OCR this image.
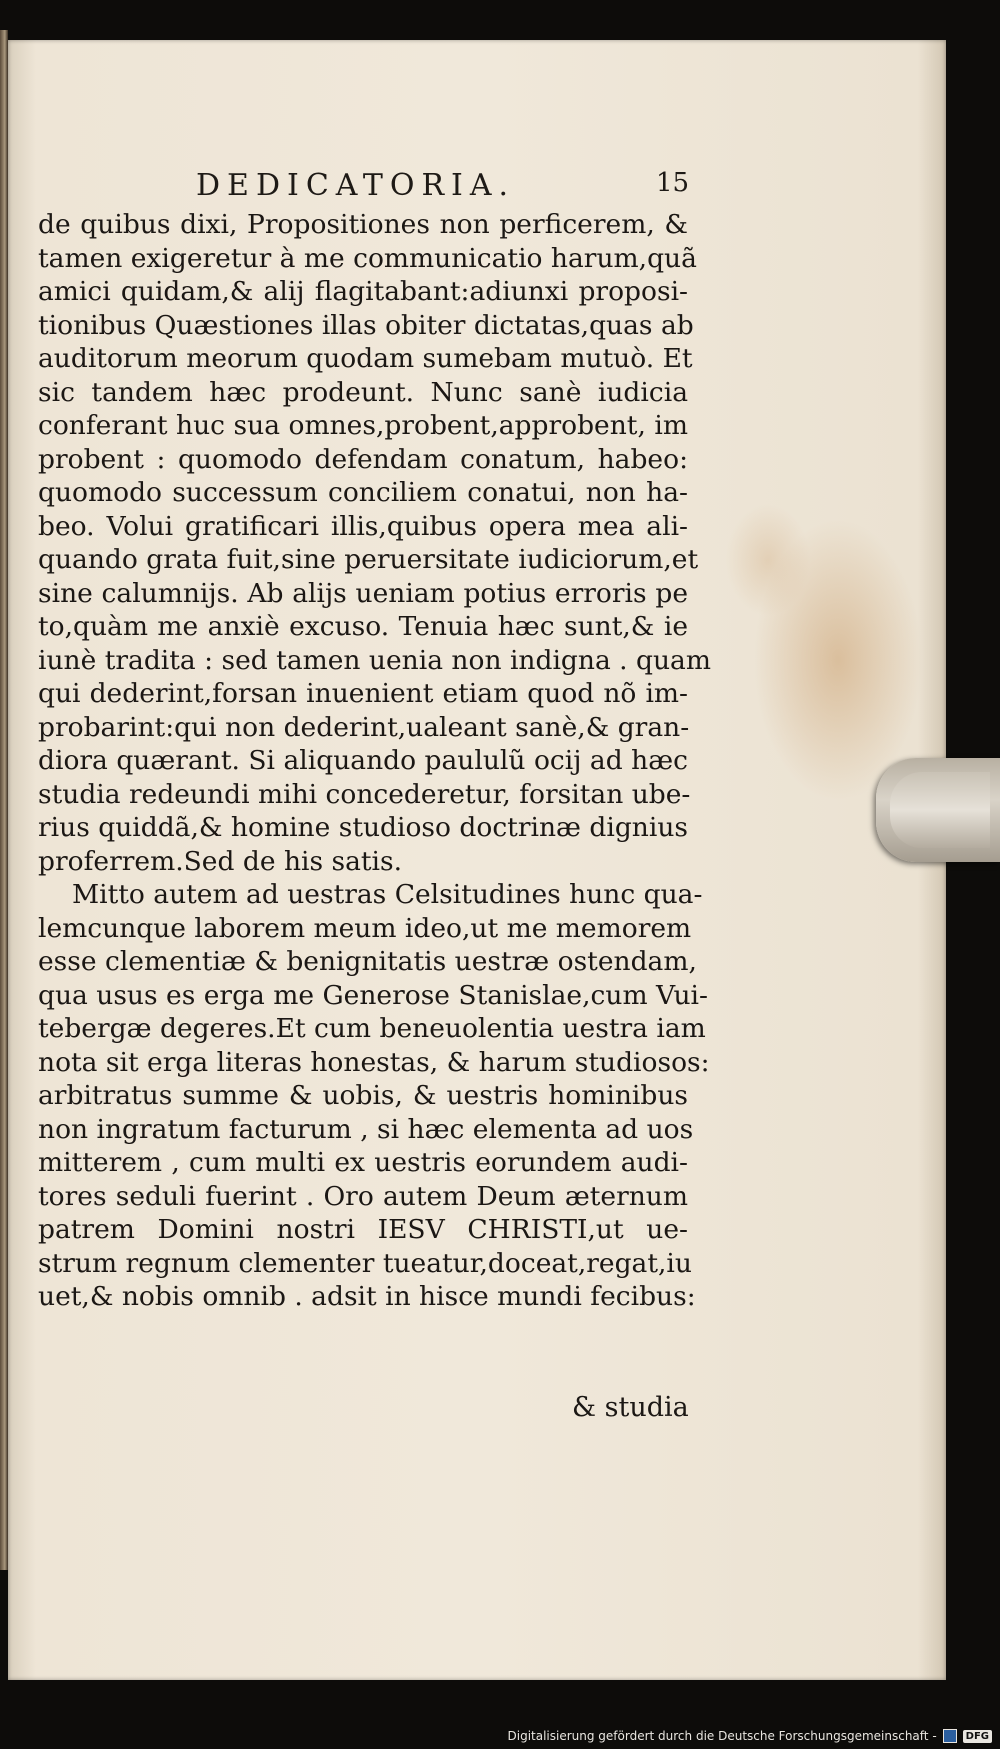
DEDICATORIA.	15
de quibus dixi, Propositiones non perficerem, &
tamen exigeretur à me communicatio harum,quã
amici quidam,& alij flagitabant:adiunxi proposi-
tionibus Quæstiones illas obiter dictatas,quas ab
auditorum meorum quodam sumebam mutuò. Et
sic tandem hæc prodeunt. Nunc sanè iudicia
conferant huc sua omnes,probent,approbent, im
probent : quomodo defendam conatum, habeo:
quomodo successum conciliem conatui, non ha-
beo. Volui gratificari illis,quibus opera mea ali-
quando grata fuit,sine peruersitate iudiciorum,et
sine calumnijs. Ab alijs ueniam potius erroris pe
to,quàm me anxiè excuso. Tenuia hæc sunt,& ie
iunè tradita : sed tamen uenia non indigna . quam
qui dederint,forsan inuenient etiam quod nõ im-
probarint:qui non dederint,ualeant sanè,& gran-
diora quærant. Si aliquando paululũ ocij ad hæc
studia redeundi mihi concederetur, forsitan ube-
rius quiddã,& homine studioso doctrinæ dignius
proferrem.Sed de his satis.
Mitto autem ad uestras Celsitudines hunc qua-
lemcunque laborem meum ideo,ut me memorem
esse clementiæ & benignitatis uestræ ostendam,
qua usus es erga me Generose Stanislae,cum Vui-
tebergæ degeres.Et cum beneuolentia uestra iam
nota sit erga literas honestas, & harum studiosos:
arbitratus summe & uobis, & uestris hominibus
non ingratum facturum , si hæc elementa ad uos
mitterem , cum multi ex uestris eorundem audi-
tores seduli fuerint . Oro autem Deum æternum
patrem Domini nostri IESV CHRISTI,ut ue-
strum regnum clementer tueatur,doceat,regat,iu
uet,& nobis omnib . adsit in hisce mundi fecibus:
& studia
Digitalisierung gefördert durch die Deutsche Forschungsgemeinschaft -	DFG
